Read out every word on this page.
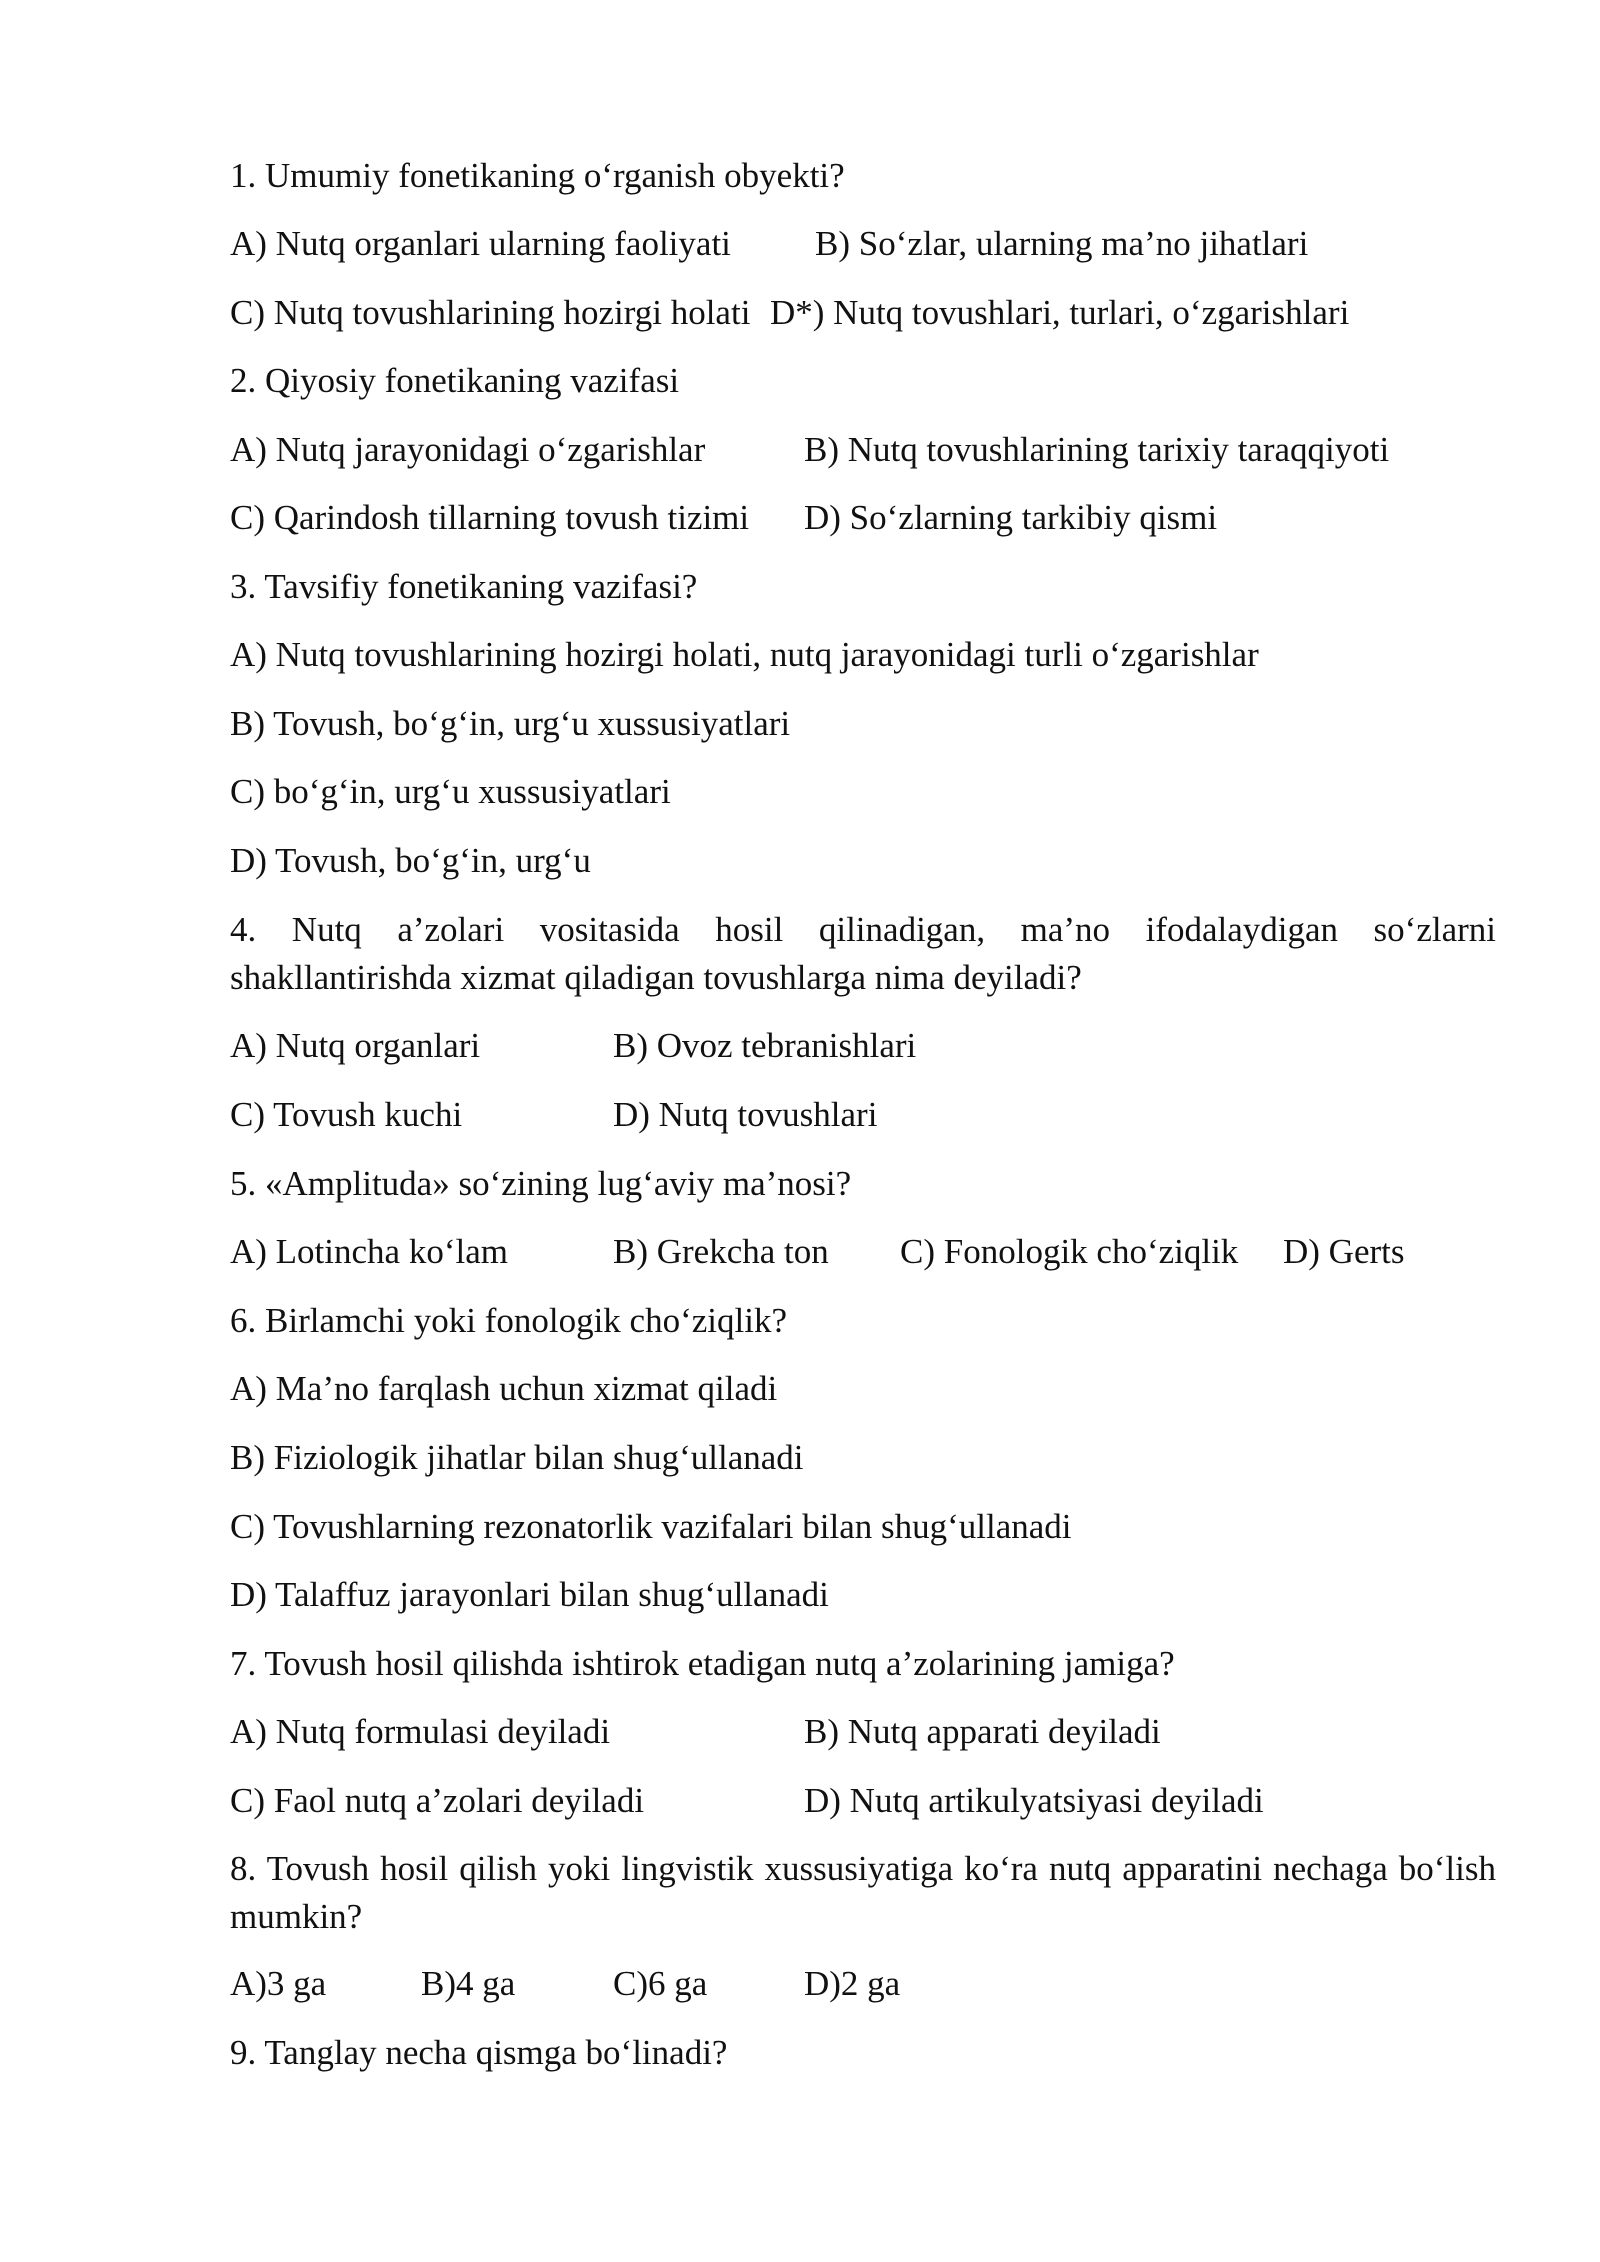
1. Umumiy fonetikaning o‘rganish obyekti?
A) Nutq organlari ularning faoliyati B) So‘zlar, ularning ma’no jihatlari
C) Nutq tovushlarining hozirgi holati D*) Nutq tovushlari, turlari, o‘zgarishlari
2. Qiyosiy fonetikaning vazifasi
A) Nutq jarayonidagi o‘zgarishlar	B) Nutq tovushlarining tarixiy taraqqiyoti
C) Qarindosh tillarning tovush tizimi D) So‘zlarning tarkibiy qismi
3. Tavsifiy fonetikaning vazifasi?
A) Nutq tovushlarining hozirgi holati, nutq jarayonidagi turli o‘zgarishlar
B) Tovush, bo‘g‘in, urg‘u xussusiyatlari
C) bo‘g‘in, urg‘u xussusiyatlari
D) Tovush, bo‘g‘in, urg‘u
4. Nutq a’zolari vositasida hosil qilinadigan, ma’no ifodalaydigan so‘zlarni shakllantirishda xizmat qiladigan tovushlarga nima deyiladi?
A) Nutq organlari	B) Ovoz tebranishlari
C) Tovush kuchi	D) Nutq tovushlari
5. «Amplituda» so‘zining lug‘aviy ma’nosi?
A) Lotincha ko‘lam	B) Grekcha ton C) Fonologik cho‘ziqlik D) Gerts
6. Birlamchi yoki fonologik cho‘ziqlik?
A) Ma’no farqlash uchun xizmat qiladi
B) Fiziologik jihatlar bilan shug‘ullanadi
C) Tovushlarning rezonatorlik vazifalari bilan shug‘ullanadi
D) Talaffuz jarayonlari bilan shug‘ullanadi
7. Tovush hosil qilishda ishtirok etadigan nutq a’zolarining jamiga?
A) Nutq formulasi deyiladi	B) Nutq apparati deyiladi
C) Faol nutq a’zolari deyiladi	D) Nutq artikulyatsiyasi deyiladi
8. Tovush hosil qilish yoki lingvistik xussusiyatiga ko‘ra nutq apparatini nechaga bo‘lish mumkin?
A)3 ga	B)4 ga	C)6 ga	D)2 ga
9. Tanglay necha qismga bo‘linadi?
